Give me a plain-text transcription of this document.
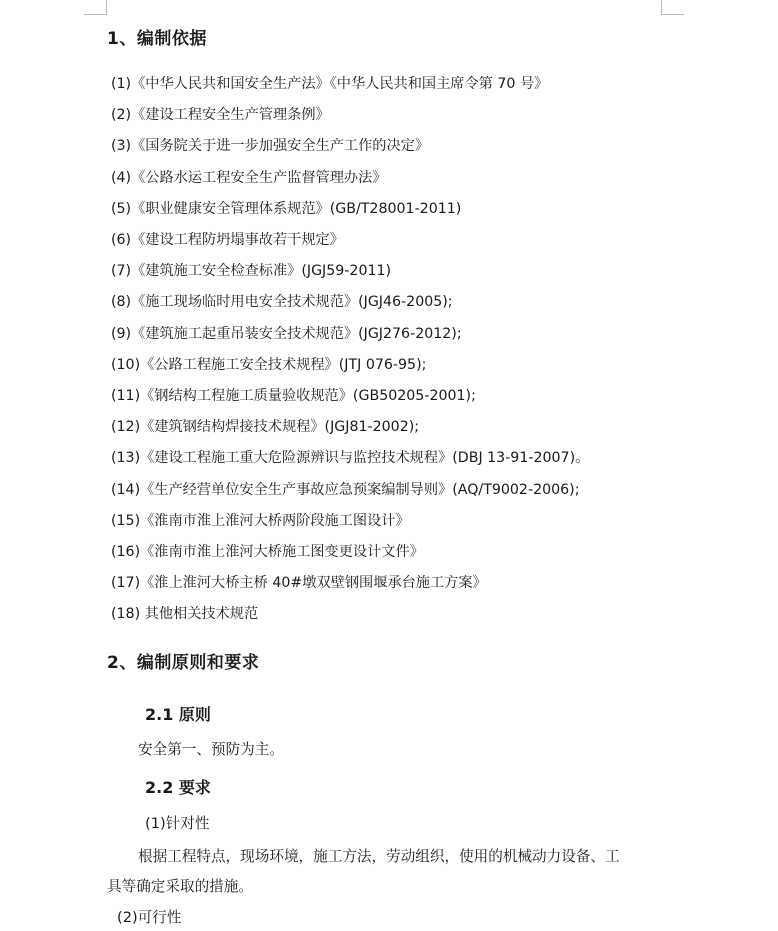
1、编制依据
(1)《中华人民共和国安全生产法》《中华人民共和国主席令第 70 号》
(2)《建设工程安全生产管理条例》
(3)《国务院关于进一步加强安全生产工作的决定》
(4)《公路水运工程安全生产监督管理办法》
(5)《职业健康安全管理体系规范》(GB/T28001-2011)
(6)《建设工程防坍塌事故若干规定》
(7)《建筑施工安全检查标准》(JGJ59-2011)
(8)《施工现场临时用电安全技术规范》(JGJ46-2005);
(9)《建筑施工起重吊装安全技术规范》(JGJ276-2012);
(10)《公路工程施工安全技术规程》(JTJ 076-95);
(11)《钢结构工程施工质量验收规范》(GB50205-2001);
(12)《建筑钢结构焊接技术规程》(JGJ81-2002);
(13)《建设工程施工重大危险源辨识与监控技术规程》(DBJ 13-91-2007)。
(14)《生产经营单位安全生产事故应急预案编制导则》(AQ/T9002-2006);
(15)《淮南市淮上淮河大桥两阶段施工图设计》
(16)《淮南市淮上淮河大桥施工图变更设计文件》
(17)《淮上淮河大桥主桥 40#墩双壁钢围堰承台施工方案》
(18) 其他相关技术规范
2、编制原则和要求
2.1 原则
安全第一、预防为主。
2.2 要求
(1)针对性
根据工程特点，现场环境，施工方法，劳动组织，使用的机械动力设备、工
具等确定采取的措施。
(2)可行性
